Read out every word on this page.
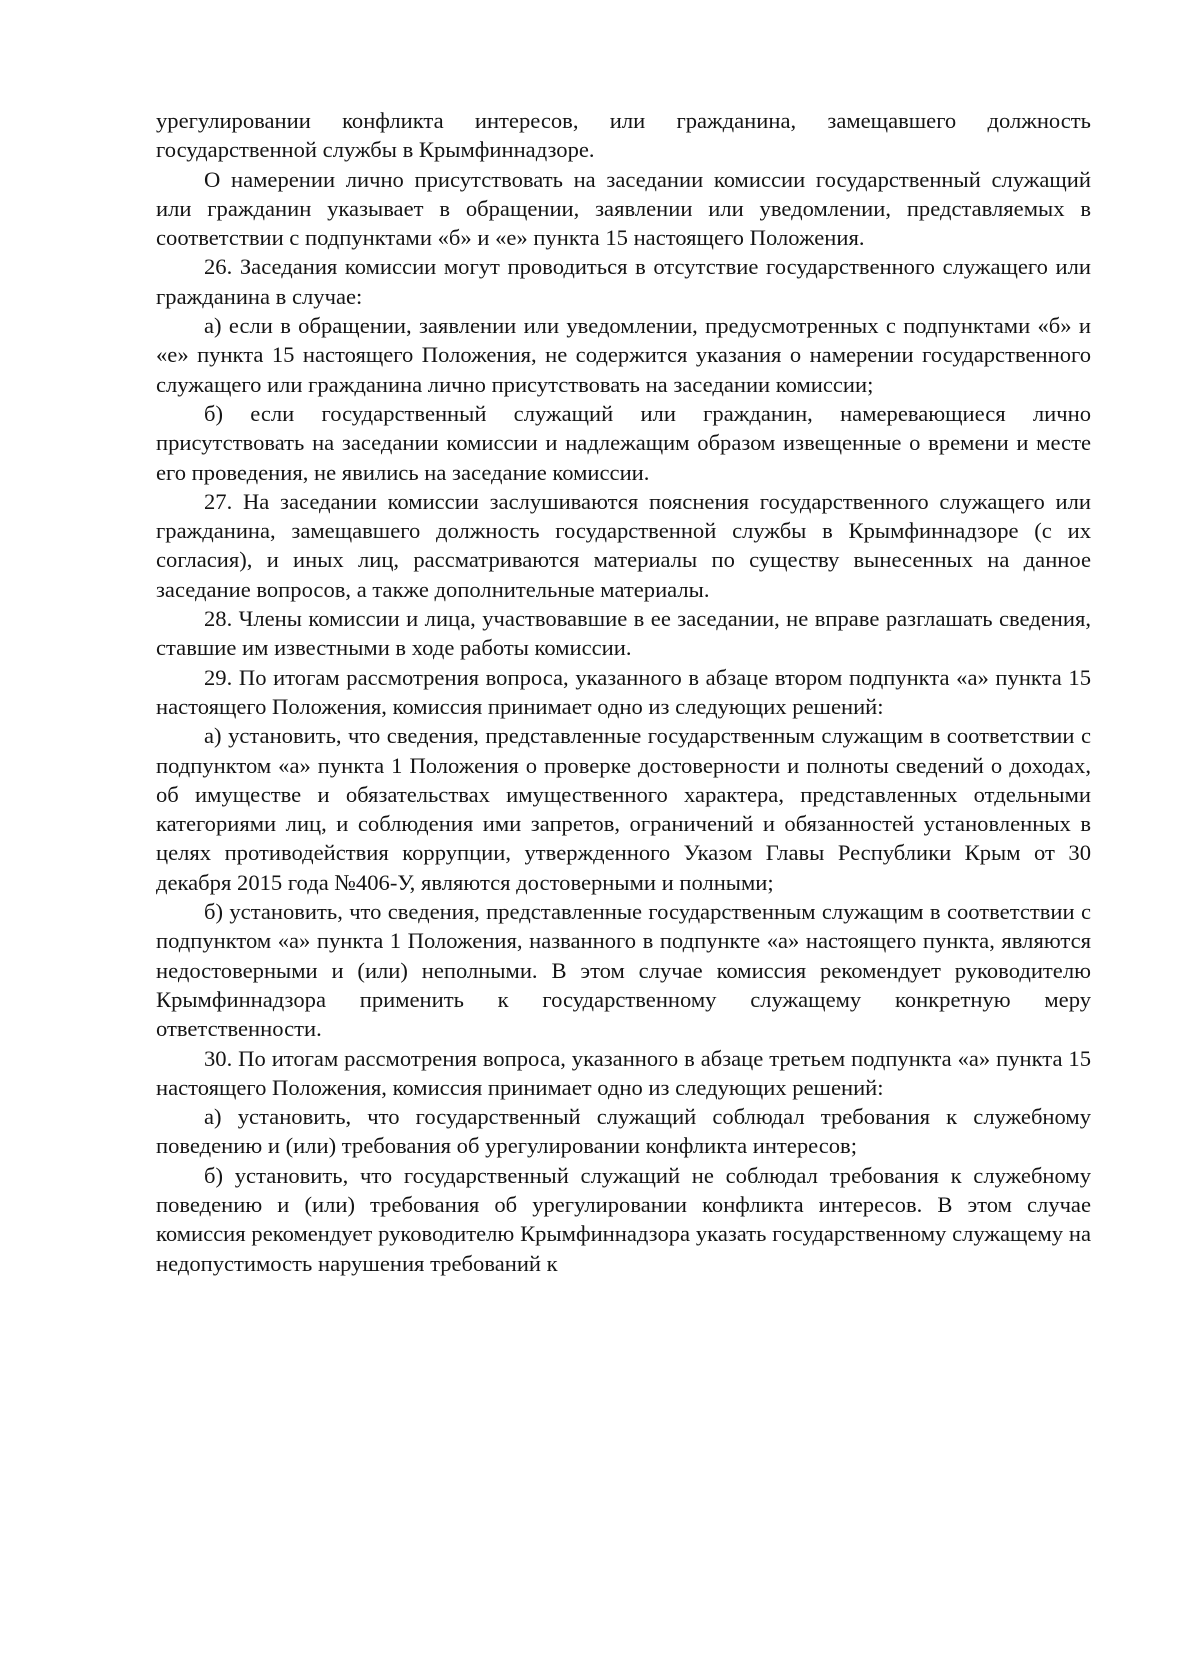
урегулировании конфликта интересов, или гражданина, замещавшего должность государственной службы в Крымфиннадзоре.

О намерении лично присутствовать на заседании комиссии государственный служащий или гражданин указывает в обращении, заявлении или уведомлении, представляемых в соответствии с подпунктами «б» и «е» пункта 15 настоящего Положения.

26. Заседания комиссии могут проводиться в отсутствие государственного служащего или гражданина в случае:

а) если в обращении, заявлении или уведомлении, предусмотренных с подпунктами «б» и «е» пункта 15 настоящего Положения, не содержится указания о намерении государственного служащего или гражданина лично присутствовать на заседании комиссии;

б) если государственный служащий или гражданин, намеревающиеся лично присутствовать на заседании комиссии и надлежащим образом извещенные о времени и месте его проведения, не явились на заседание комиссии.

27. На заседании комиссии заслушиваются пояснения государственного служащего или гражданина, замещавшего должность государственной службы в Крымфиннадзоре (с их согласия), и иных лиц, рассматриваются материалы по существу вынесенных на данное заседание вопросов, а также дополнительные материалы.

28. Члены комиссии и лица, участвовавшие в ее заседании, не вправе разглашать сведения, ставшие им известными в ходе работы комиссии.

29. По итогам рассмотрения вопроса, указанного в абзаце втором подпункта «а» пункта 15 настоящего Положения, комиссия принимает одно из следующих решений:

а) установить, что сведения, представленные государственным служащим в соответствии с подпунктом «а» пункта 1 Положения о проверке достоверности и полноты сведений о доходах, об имуществе и обязательствах имущественного характера, представленных отдельными категориями лиц, и соблюдения ими запретов, ограничений и обязанностей установленных в целях противодействия коррупции, утвержденного Указом Главы Республики Крым от 30 декабря 2015 года №406-У, являются достоверными и полными;

б) установить, что сведения, представленные государственным служащим в соответствии с подпунктом «а» пункта 1 Положения, названного в подпункте «а» настоящего пункта, являются недостоверными и (или) неполными. В этом случае комиссия рекомендует руководителю Крымфиннадзора применить к государственному служащему конкретную меру ответственности.

30. По итогам рассмотрения вопроса, указанного в абзаце третьем подпункта «а» пункта 15 настоящего Положения, комиссия принимает одно из следующих решений:

а) установить, что государственный служащий соблюдал требования к служебному поведению и (или) требования об урегулировании конфликта интересов;

б) установить, что государственный служащий не соблюдал требования к служебному поведению и (или) требования об урегулировании конфликта интересов. В этом случае комиссия рекомендует руководителю Крымфиннадзора указать государственному служащему на недопустимость нарушения требований к
